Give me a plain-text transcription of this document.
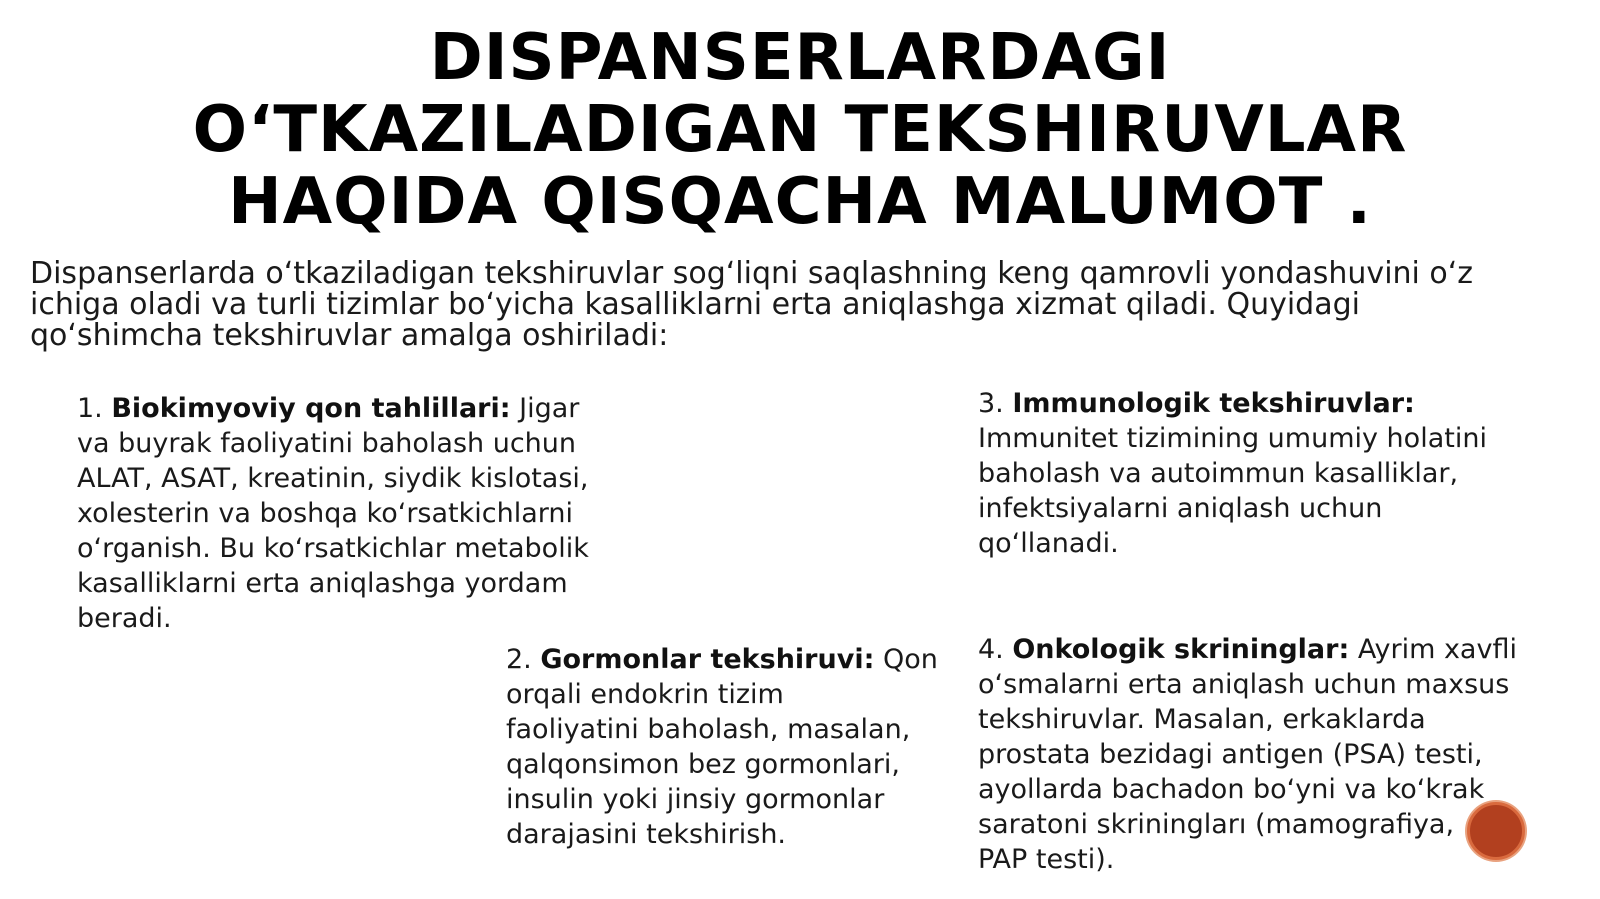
DISPANSERLARDAGI
O‘TKAZILADIGAN TEKSHIRUVLAR
HAQIDA QISQACHA MALUMOT .

Dispanserlarda o‘tkaziladigan tekshiruvlar sog‘liqni saqlashning keng qamrovli yondashuvini o‘z
ichiga oladi va turli tizimlar bo‘yicha kasalliklarni erta aniqlashga xizmat qiladi. Quyidagi
qo‘shimcha tekshiruvlar amalga oshiriladi:

1. Biokimyoviy qon tahlillari: Jigar
va buyrak faoliyatini baholash uchun
ALAT, ASAT, kreatinin, siydik kislotasi,
xolesterin va boshqa ko‘rsatkichlarni
o‘rganish. Bu ko‘rsatkichlar metabolik
kasalliklarni erta aniqlashga yordam
beradi.
2. Gormonlar tekshiruvi: Qon
orqali endokrin tizim
faoliyatini baholash, masalan,
qalqonsimon bez gormonlari,
insulin yoki jinsiy gormonlar
darajasini tekshirish.
3. Immunologik tekshiruvlar:
Immunitet tizimining umumiy holatini
baholash va autoimmun kasalliklar,
infektsiyalarni aniqlash uchun
qo‘llanadi.
4. Onkologik skrininglar: Ayrim xavfli
o‘smalarni erta aniqlash uchun maxsus
tekshiruvlar. Masalan, erkaklarda
prostata bezidagi antigen (PSA) testi,
ayollarda bachadon bo‘yni va ko‘krak
saratoni skriningları (mamografiya,
PAP testi).
